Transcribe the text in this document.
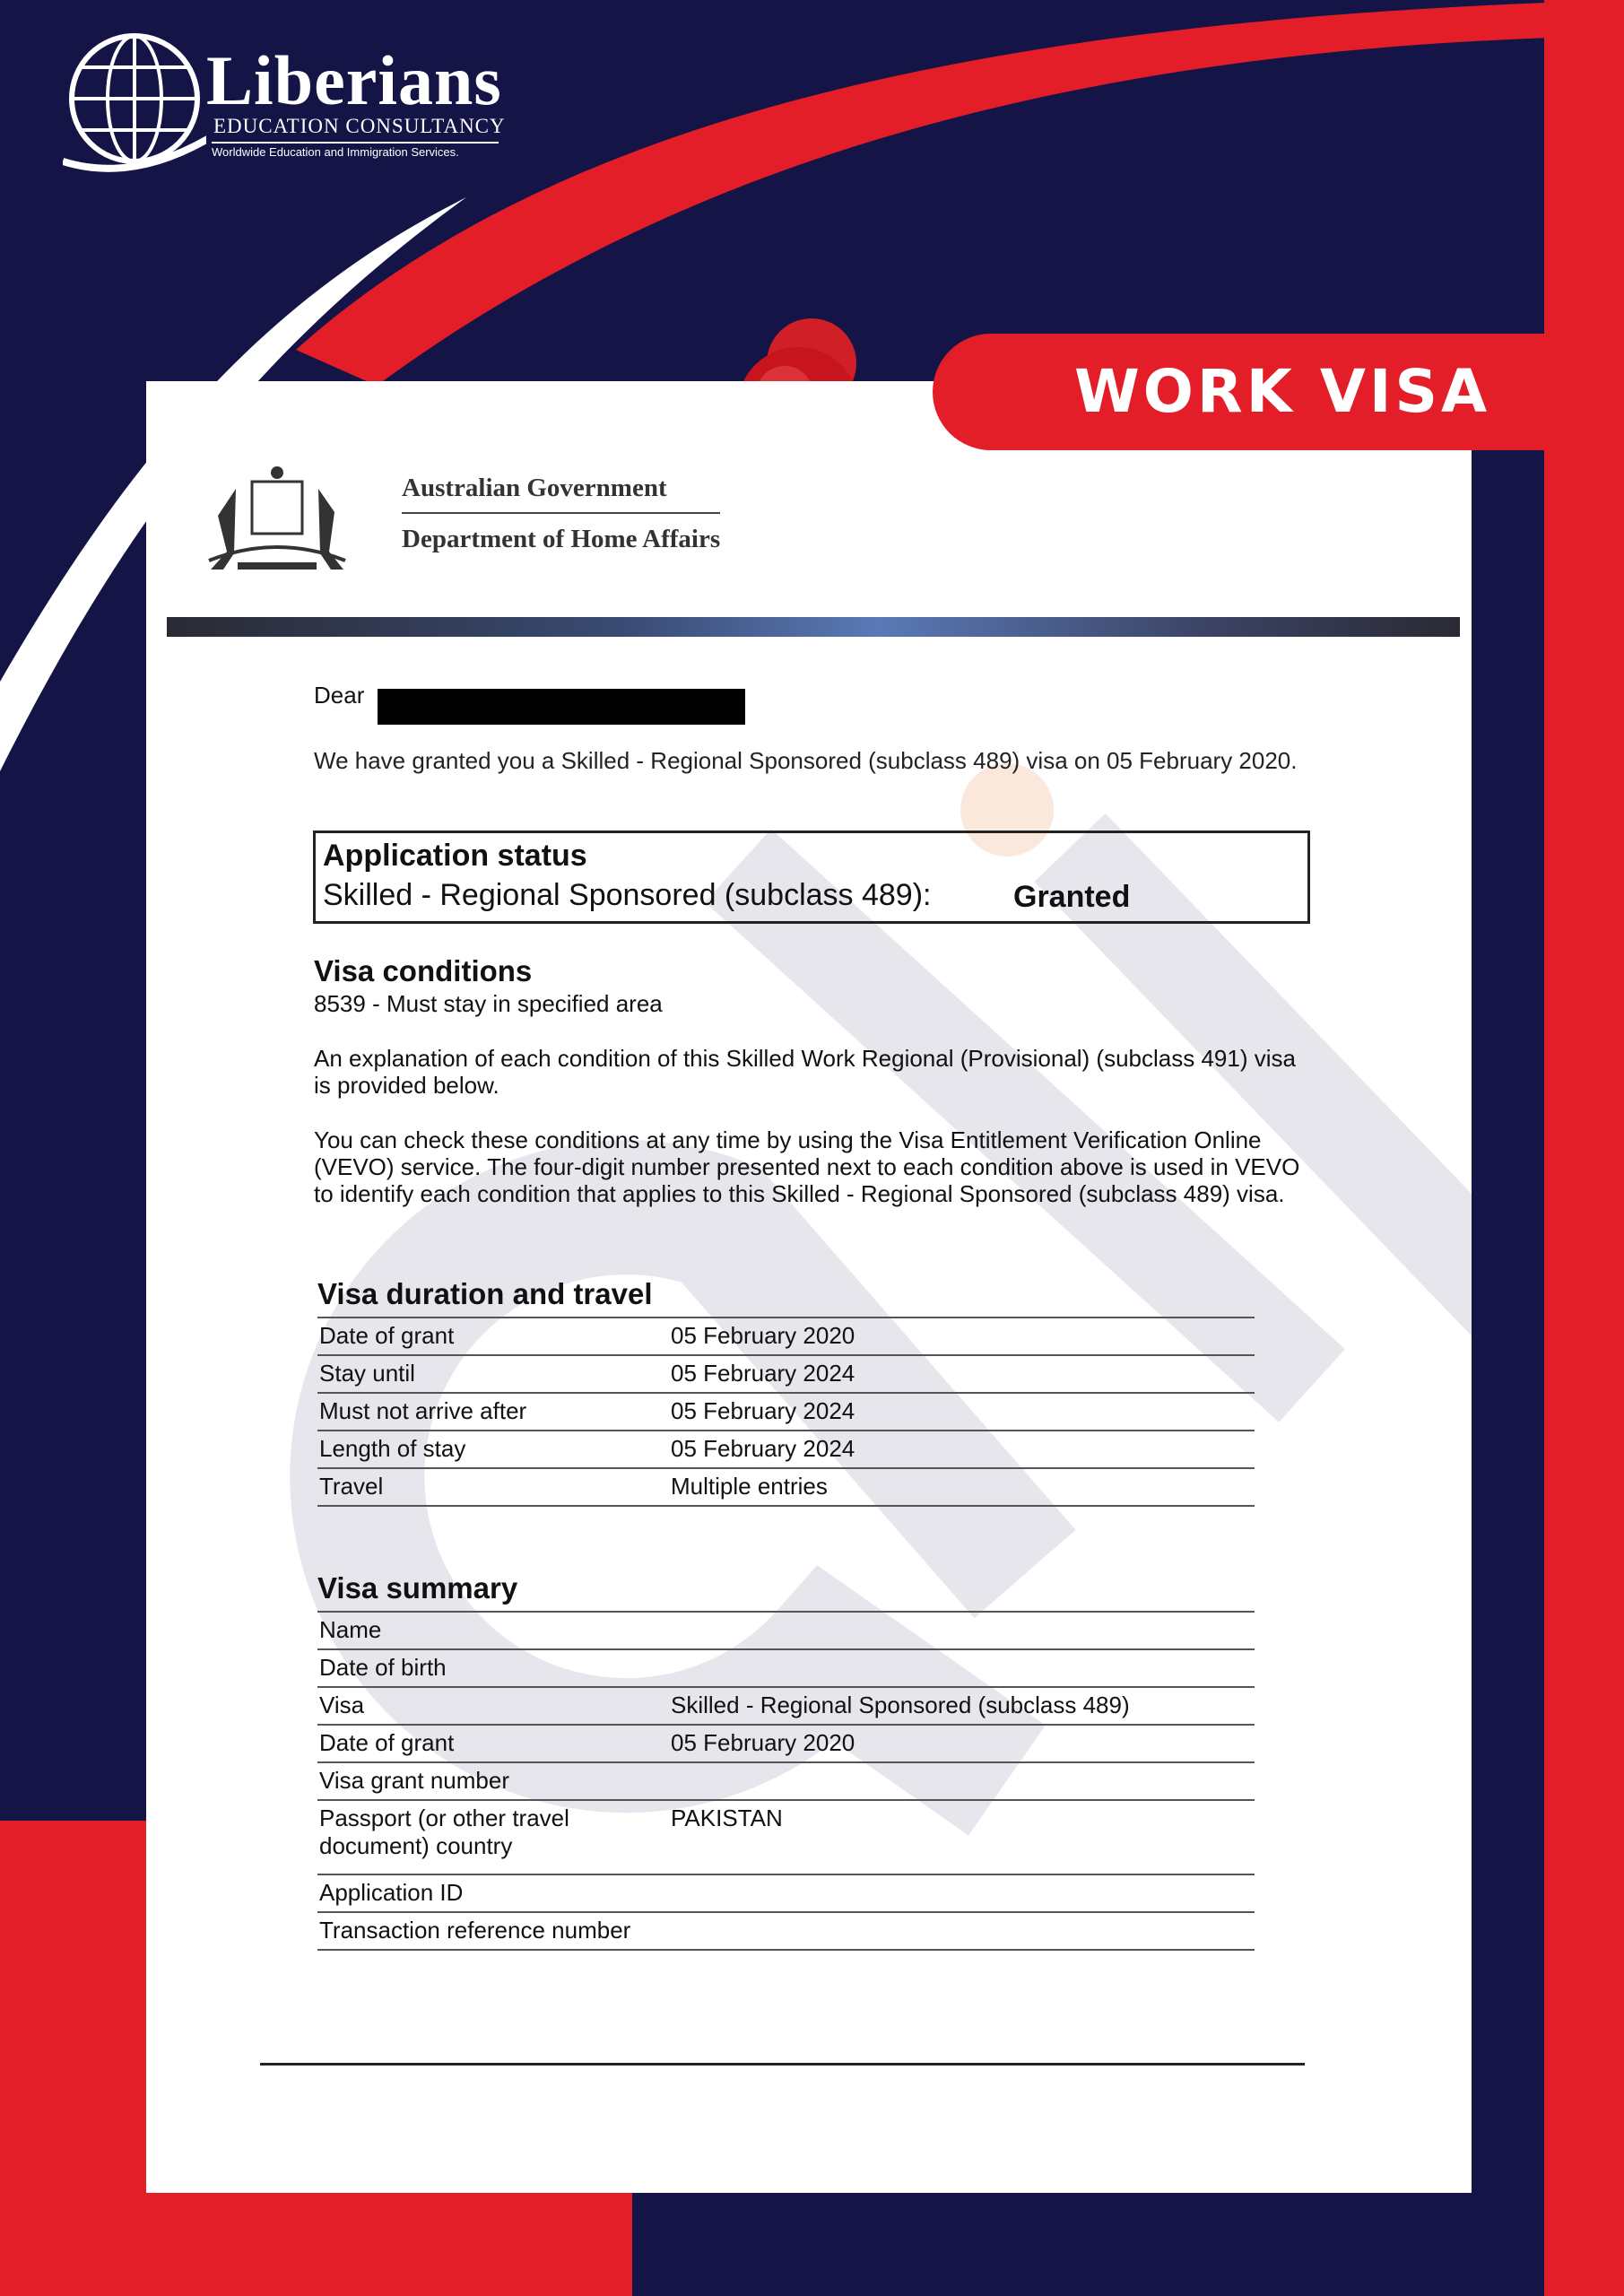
Liberians
EDUCATION CONSULTANCY
Worldwide Education and Immigration Services.
WORK VISA
Australian Government
Department of Home Affairs
Dear
We have granted you a Skilled - Regional Sponsored (subclass 489) visa on 05 February 2020.
Application status
Skilled - Regional Sponsored (subclass 489):	Granted
Visa conditions
8539 - Must stay in specified area
An explanation of each condition of this Skilled Work Regional (Provisional) (subclass 491) visa is provided below.
You can check these conditions at any time by using the Visa Entitlement Verification Online (VEVO) service. The four-digit number presented next to each condition above is used in VEVO to identify each condition that applies to this Skilled - Regional Sponsored (subclass 489) visa.
Visa duration and travel
Date of grant	05 February 2020
Stay until	05 February 2024
Must not arrive after	05 February 2024
Length of stay	05 February 2024
Travel	Multiple entries
Visa summary
Name	
Date of birth	
Visa	Skilled - Regional Sponsored (subclass 489)
Date of grant	05 February 2020
Visa grant number	
Passport (or other travel document) country	PAKISTAN
Application ID	
Transaction reference number	
